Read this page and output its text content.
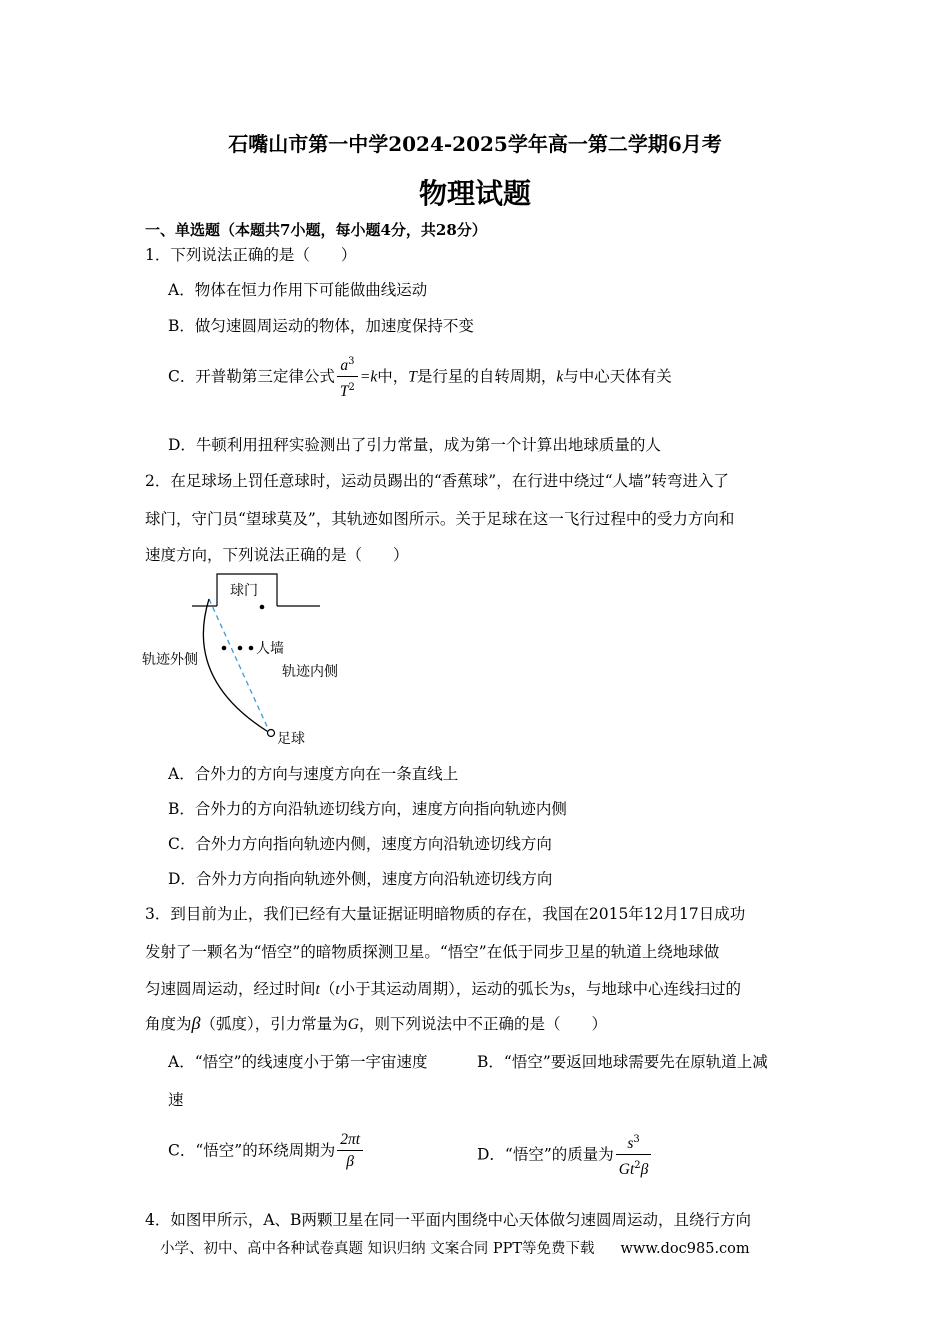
石嘴山市第一中学2024-2025学年高一第二学期6月考
物理试题
一、单选题（本题共7小题，每小题4分，共28分）
1．下列说法正确的是（　　）
A．物体在恒力作用下可能做曲线运动
B．做匀速圆周运动的物体，加速度保持不变
C．开普勒第三定律公式 $\frac{a^3}{T^2} =k$中，T是行星的自转周期，k与中心天体有关
D．牛顿利用扭秤实验测出了引力常量，成为第一个计算出地球质量的人
2．在足球场上罚任意球时，运动员踢出的“香蕉球”，在行进中绕过“人墙”转弯进入了
球门，守门员“望球莫及”，其轨迹如图所示。关于足球在这一飞行过程中的受力方向和
速度方向，下列说法正确的是（　　）
球门
人墙
轨迹外侧
轨迹内侧
足球
A．合外力的方向与速度方向在一条直线上
B．合外力的方向沿轨迹切线方向，速度方向指向轨迹内侧
C．合外力方向指向轨迹内侧，速度方向沿轨迹切线方向
D．合外力方向指向轨迹外侧，速度方向沿轨迹切线方向
3．到目前为止，我们已经有大量证据证明暗物质的存在，我国在2015年12月17日成功
发射了一颗名为“悟空”的暗物质探测卫星。“悟空”在低于同步卫星的轨道上绕地球做
匀速圆周运动，经过时间t（t小于其运动周期），运动的弧长为s，与地球中心连线扫过的
角度为β（弧度），引力常量为G，则下列说法中不正确的是（　　）
A．“悟空”的线速度小于第一宇宙速度	B．“悟空”要返回地球需要先在原轨道上减
速
C．“悟空”的环绕周期为 $\frac{2\pi t}{\beta}$	D．“悟空”的质量为 $\frac{s^3}{Gt^2\beta}$
4．如图甲所示，A、B两颗卫星在同一平面内围绕中心天体做匀速圆周运动，且绕行方向
小学、初中、高中各种试卷真题 知识归纳 文案合同 PPT等免费下载 www.doc985.com
